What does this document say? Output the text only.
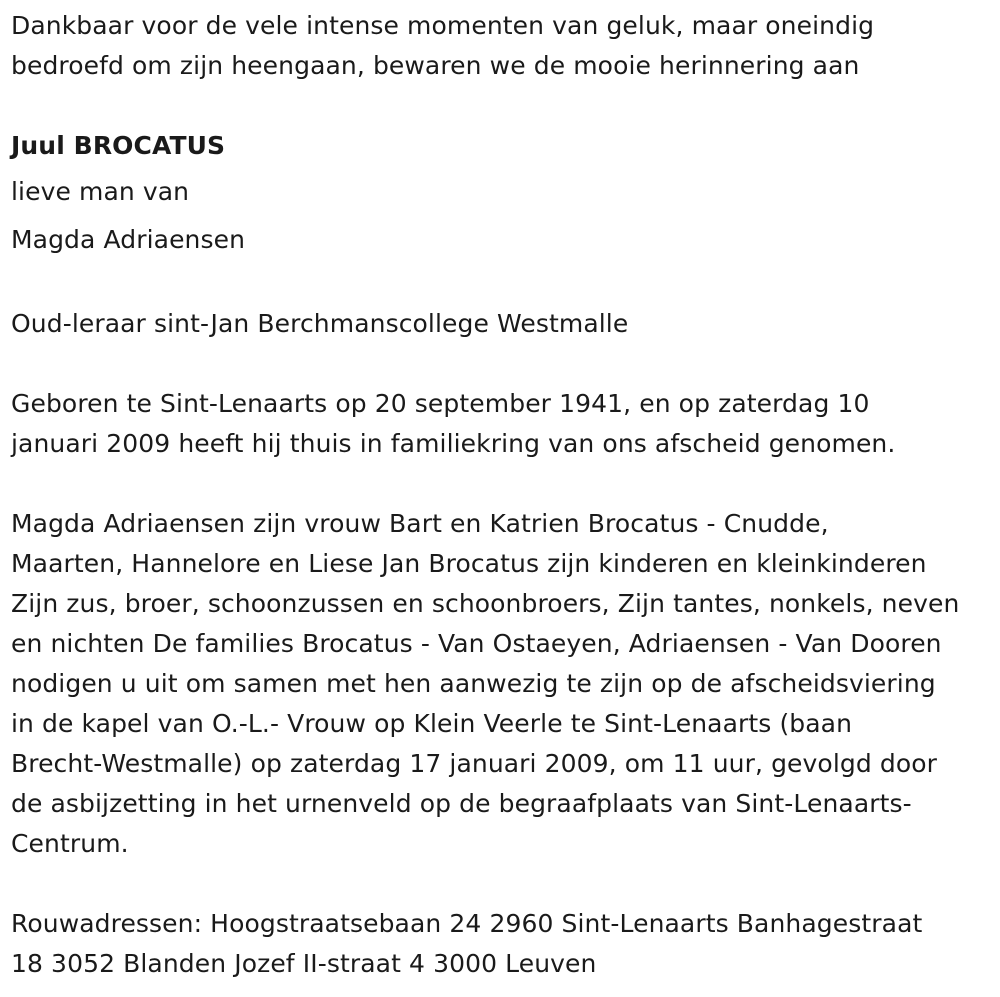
Dankbaar voor de vele intense momenten van geluk, maar oneindig
bedroefd om zijn heengaan, bewaren we de mooie herinnering aan

Juul BROCATUS

lieve man van
Magda Adriaensen

Oud-leraar sint-Jan Berchmanscollege Westmalle

Geboren te Sint-Lenaarts op 20 september 1941, en op zaterdag 10
januari 2009 heeft hij thuis in familiekring van ons afscheid genomen.

Magda Adriaensen zijn vrouw Bart en Katrien Brocatus - Cnudde,
Maarten, Hannelore en Liese Jan Brocatus zijn kinderen en kleinkinderen
Zijn zus, broer, schoonzussen en schoonbroers, Zijn tantes, nonkels, neven
en nichten De families Brocatus - Van Ostaeyen, Adriaensen - Van Dooren
nodigen u uit om samen met hen aanwezig te zijn op de afscheidsviering
in de kapel van O.-L.- Vrouw op Klein Veerle te Sint-Lenaarts (baan
Brecht-Westmalle) op zaterdag 17 januari 2009, om 11 uur, gevolgd door
de asbijzetting in het urnenveld op de begraafplaats van Sint-Lenaarts-
Centrum.

Rouwadressen: Hoogstraatsebaan 24 2960 Sint-Lenaarts Banhagestraat
18 3052 Blanden Jozef II-straat 4 3000 Leuven
